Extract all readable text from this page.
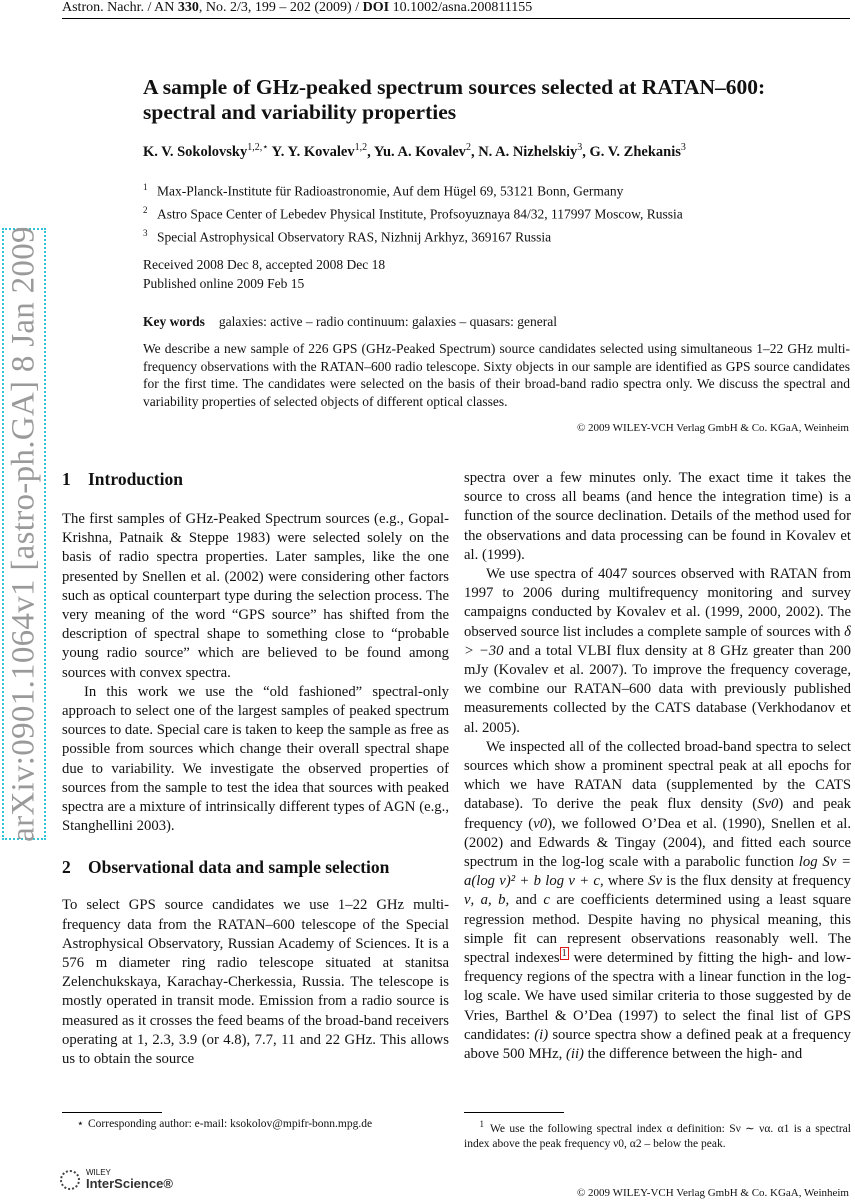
Astron. Nachr. / AN 330, No. 2/3, 199 – 202 (2009) / DOI 10.1002/asna.200811155
arXiv:0901.1064v1 [astro-ph.GA] 8 Jan 2009
A sample of GHz-peaked spectrum sources selected at RATAN–600:
spectral and variability properties
K. V. Sokolovsky$^{1,2,⋆}$ Y. Y. Kovalev$^{1,2}$, Yu. A. Kovalev$^2$, N. A. Nizhelskiy$^3$, G. V. Zhekanis$^3$
$^1$ Max-Planck-Institute für Radioastronomie, Auf dem Hügel 69, 53121 Bonn, Germany
$^2$ Astro Space Center of Lebedev Physical Institute, Profsoyuznaya 84/32, 117997 Moscow, Russia
$^3$ Special Astrophysical Observatory RAS, Nizhnij Arkhyz, 369167 Russia
Received 2008 Dec 8, accepted 2008 Dec 18
Published online 2009 Feb 15
Key words galaxies: active – radio continuum: galaxies – quasars: general
We describe a new sample of 226 GPS (GHz-Peaked Spectrum) source candidates selected using simultaneous 1–22 GHz multi-frequency observations with the RATAN–600 radio telescope. Sixty objects in our sample are identified as GPS source candidates for the first time. The candidates were selected on the basis of their broad-band radio spectra only. We discuss the spectral and variability properties of selected objects of different optical classes.
© 2009 WILEY-VCH Verlag GmbH & Co. KGaA, Weinheim
1 Introduction

The first samples of GHz-Peaked Spectrum sources (e.g., Gopal-Krishna, Patnaik & Steppe 1983) were selected solely on the basis of radio spectra properties. Later samples, like the one presented by Snellen et al. (2002) were considering other factors such as optical counterpart type during the selection process. The very meaning of the word “GPS source” has shifted from the description of spectral shape to something close to “probable young radio source” which are believed to be found among sources with convex spectra.

In this work we use the “old fashioned” spectral-only approach to select one of the largest samples of peaked spectrum sources to date. Special care is taken to keep the sample as free as possible from sources which change their overall spectral shape due to variability. We investigate the observed properties of sources from the sample to test the idea that sources with peaked spectra are a mixture of intrinsically different types of AGN (e.g., Stanghellini 2003).

2 Observational data and sample selection

To select GPS source candidates we use 1–22 GHz multi-frequency data from the RATAN–600 telescope of the Special Astrophysical Observatory, Russian Academy of Sciences. It is a 576 m diameter ring radio telescope situated at stanitsa Zelenchukskaya, Karachay-Cherkessia, Russia. The telescope is mostly operated in transit mode. Emission from a radio source is measured as it crosses the feed beams of the broad-band receivers operating at 1, 2.3, 3.9 (or 4.8), 7.7, 11 and 22 GHz. This allows us to obtain the source

⋆ Corresponding author: e-mail: ksokolov@mpifr-bonn.mpg.de

spectra over a few minutes only. The exact time it takes the source to cross all beams (and hence the integration time) is a function of the source declination. Details of the method used for the observations and data processing can be found in Kovalev et al. (1999).

We use spectra of 4047 sources observed with RATAN from 1997 to 2006 during multifrequency monitoring and survey campaigns conducted by Kovalev et al. (1999, 2000, 2002). The observed source list includes a complete sample of sources with δ > −30 and a total VLBI flux density at 8 GHz greater than 200 mJy (Kovalev et al. 2007). To improve the frequency coverage, we combine our RATAN–600 data with previously published measurements collected by the CATS database (Verkhodanov et al. 2005).

We inspected all of the collected broad-band spectra to select sources which show a prominent spectral peak at all epochs for which we have RATAN data (supplemented by the CATS database). To derive the peak flux density (Sν0) and peak frequency (ν0), we followed O’Dea et al. (1990), Snellen et al. (2002) and Edwards & Tingay (2004), and fitted each source spectrum in the log-log scale with a parabolic function log Sν = a(log ν)² + b log ν + c, where Sν is the flux density at frequency ν, a, b, and c are coefficients determined using a least square regression method. Despite having no physical meaning, this simple fit can represent observations reasonably well. The spectral indexes $^1$ were determined by fitting the high- and low-frequency regions of the spectra with a linear function in the log-log scale. We have used similar criteria to those suggested by de Vries, Barthel & O’Dea (1997) to select the final list of GPS candidates: (i) source spectra show a defined peak at a frequency above 500 MHz, (ii) the difference between the high- and

1 We use the following spectral index α definition: Sν ∼ να. α1 is a spectral index above the peak frequency ν0, α2 – below the peak.
WILEY
InterScience®
© 2009 WILEY-VCH Verlag GmbH & Co. KGaA, Weinheim
